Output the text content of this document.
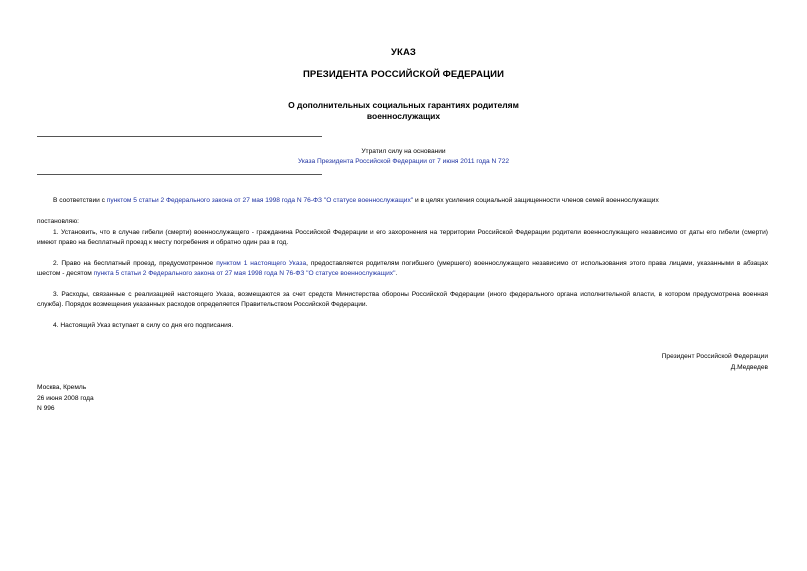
УКАЗ
ПРЕЗИДЕНТА РОССИЙСКОЙ ФЕДЕРАЦИИ
О дополнительных социальных гарантиях родителям
военнослужащих
Утратил силу на основании
Указа Президента Российской Федерации от 7 июня 2011 года N 722
В соответствии с пунктом 5 статьи 2 Федерального закона от 27 мая 1998 года N 76-ФЗ "О статусе военнослужащих" и в целях усиления социальной защищенности членов семей военнослужащих
постановляю:
1. Установить, что в случае гибели (смерти) военнослужащего - гражданина Российской Федерации и его захоронения на территории Российской Федерации родители военнослужащего независимо от даты его гибели (смерти) имеют право на бесплатный проезд к месту погребения и обратно один раз в год.
2. Право на бесплатный проезд, предусмотренное пунктом 1 настоящего Указа, предоставляется родителям погибшего (умершего) военнослужащего независимо от использования этого права лицами, указанными в абзацах шестом - десятом пункта 5 статьи 2 Федерального закона от 27 мая 1998 года N 76-ФЗ "О статусе военнослужащих".
3. Расходы, связанные с реализацией настоящего Указа, возмещаются за счет средств Министерства обороны Российской Федерации (иного федерального органа исполнительной власти, в котором предусмотрена военная служба). Порядок возмещения указанных расходов определяется Правительством Российской Федерации.
4. Настоящий Указ вступает в силу со дня его подписания.
Президент Российской Федерации
Д.Медведев
Москва, Кремль
26 июня 2008 года
N 996
